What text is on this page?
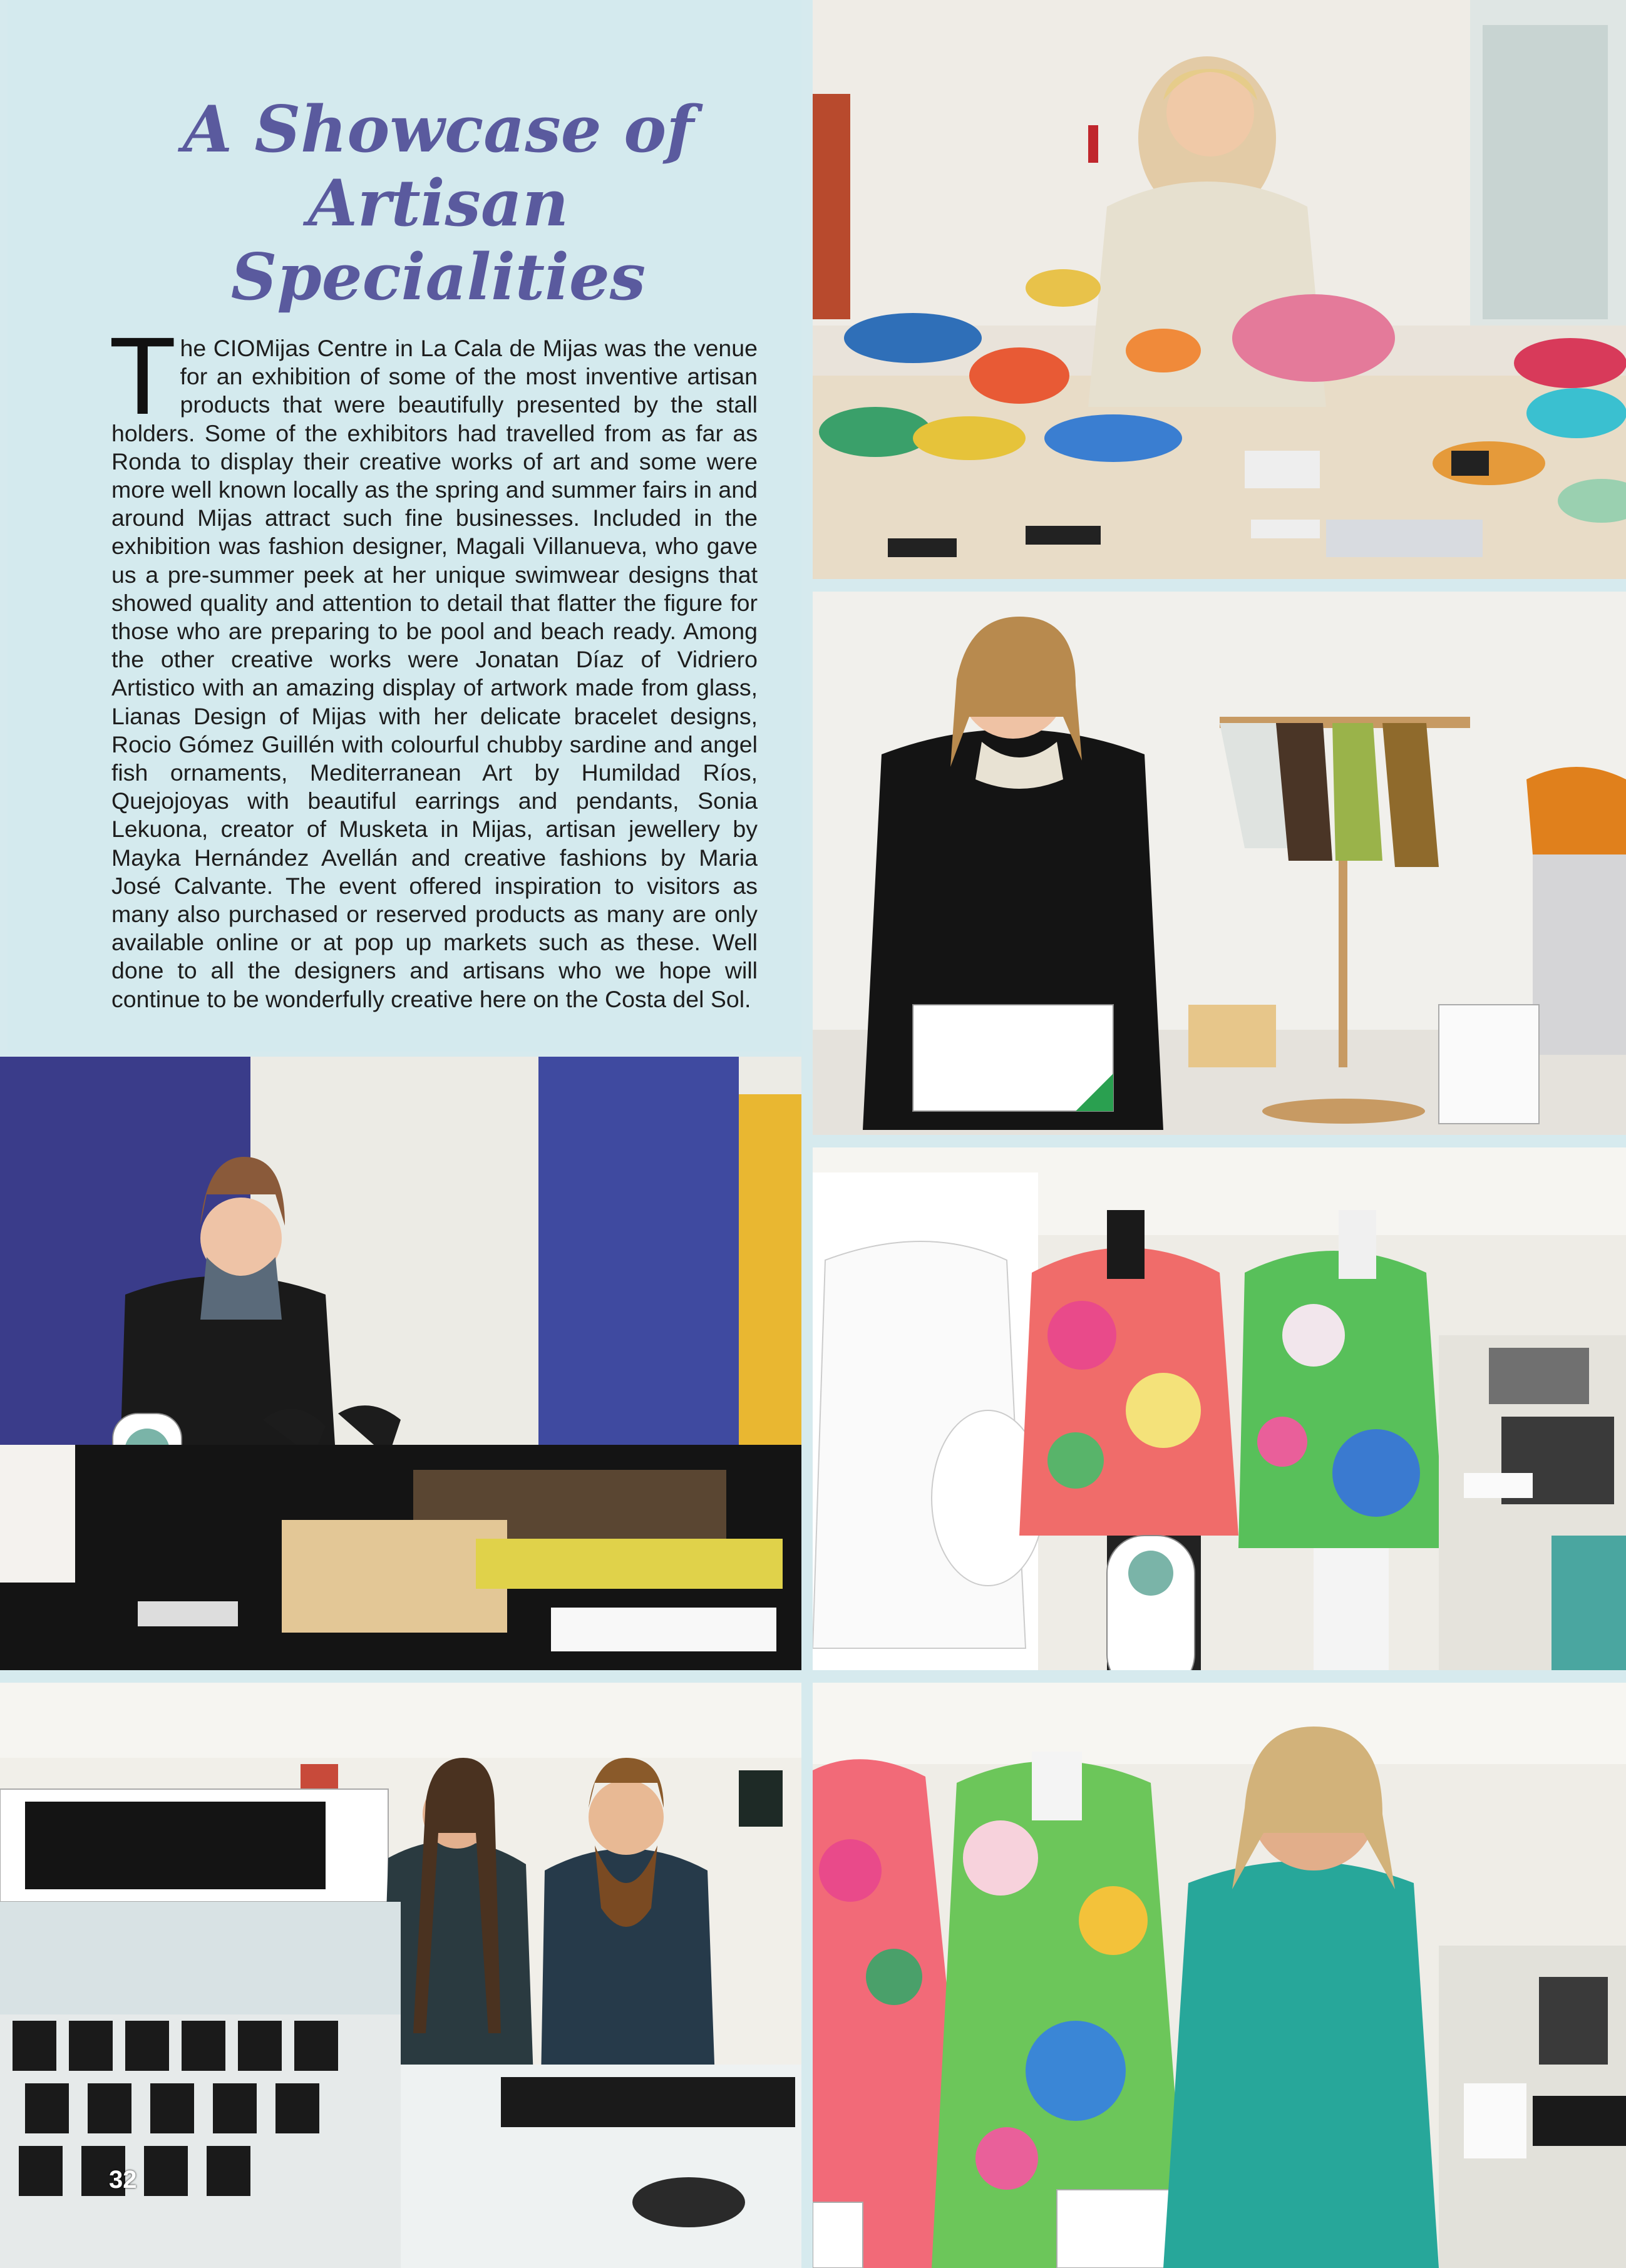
A Showcase of
Artisan
Specialities
T he CIOMijas Centre in La Cala de Mijas was the venue for an exhibition of some of the most inventive artisan products that were beautifully presented by the stall holders. Some of the exhibitors had travelled from as far as Ronda to display their creative works of art and some were more well known locally as the spring and summer fairs in and around Mijas attract such fine businesses. Included in the exhibition was fashion designer, Magali Villanueva, who gave us a pre-summer peek at her unique swimwear designs that showed quality and attention to detail that flatter the figure for those who are preparing to be pool and beach ready. Among the other creative works were Jonatan Díaz of Vidriero Artistico with an amazing display of artwork made from glass, Lianas Design of Mijas with her delicate bracelet designs, Rocio Gómez Guillén with colourful chubby sardine and angel fish ornaments, Mediterranean Art by Humildad Ríos, Quejojoyas with beautiful earrings and pendants, Sonia Lekuona, creator of Musketa in Mijas, artisan jewellery by Mayka Hernández Avellán and creative fashions by Maria José Calvante. The event offered inspiration to visitors as many also purchased or reserved products as many are only available online or at pop up markets such as these. Well done to all the designers and artisans who we hope will continue to be wonderfully creative here on the Costa del Sol.
32
